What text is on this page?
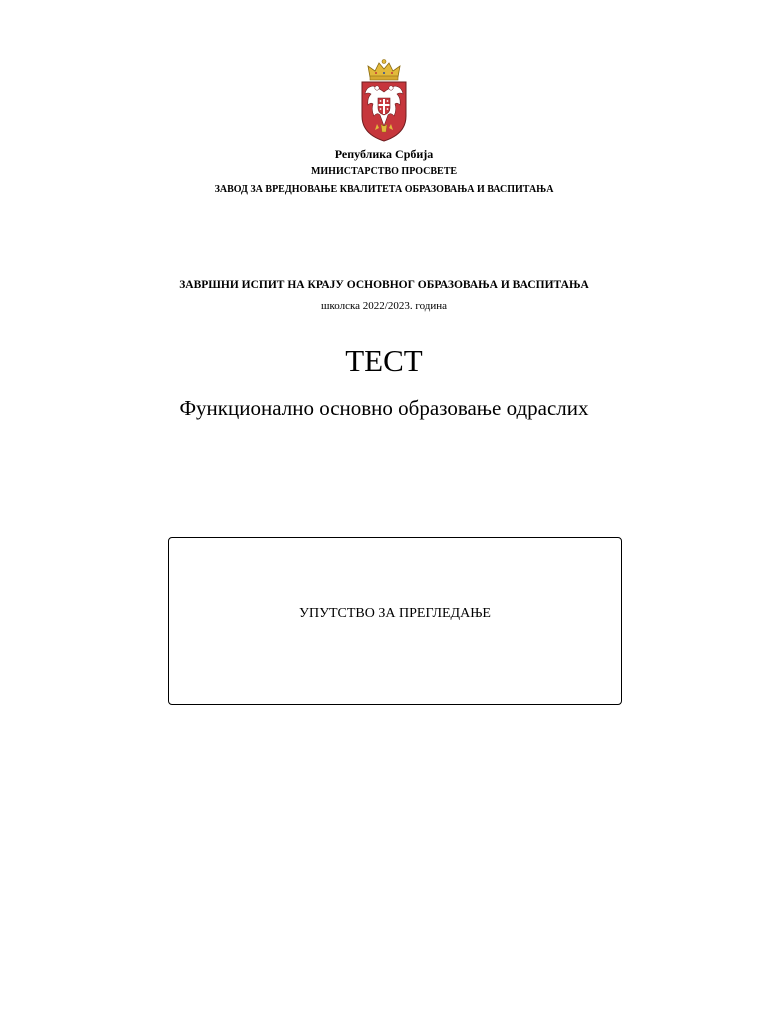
Република Србија
МИНИСТАРСТВО ПРОСВЕТЕ
ЗАВОД ЗА ВРЕДНОВАЊЕ КВАЛИТЕТА ОБРАЗОВАЊА И ВАСПИТАЊА
ЗАВРШНИ ИСПИТ НА КРАЈУ ОСНОВНОГ ОБРАЗОВАЊА И ВАСПИТАЊА
школска 2022/2023. година
ТЕСТ
Функционално основно образовање одраслих
УПУТСТВО ЗА ПРЕГЛЕДАЊЕ
